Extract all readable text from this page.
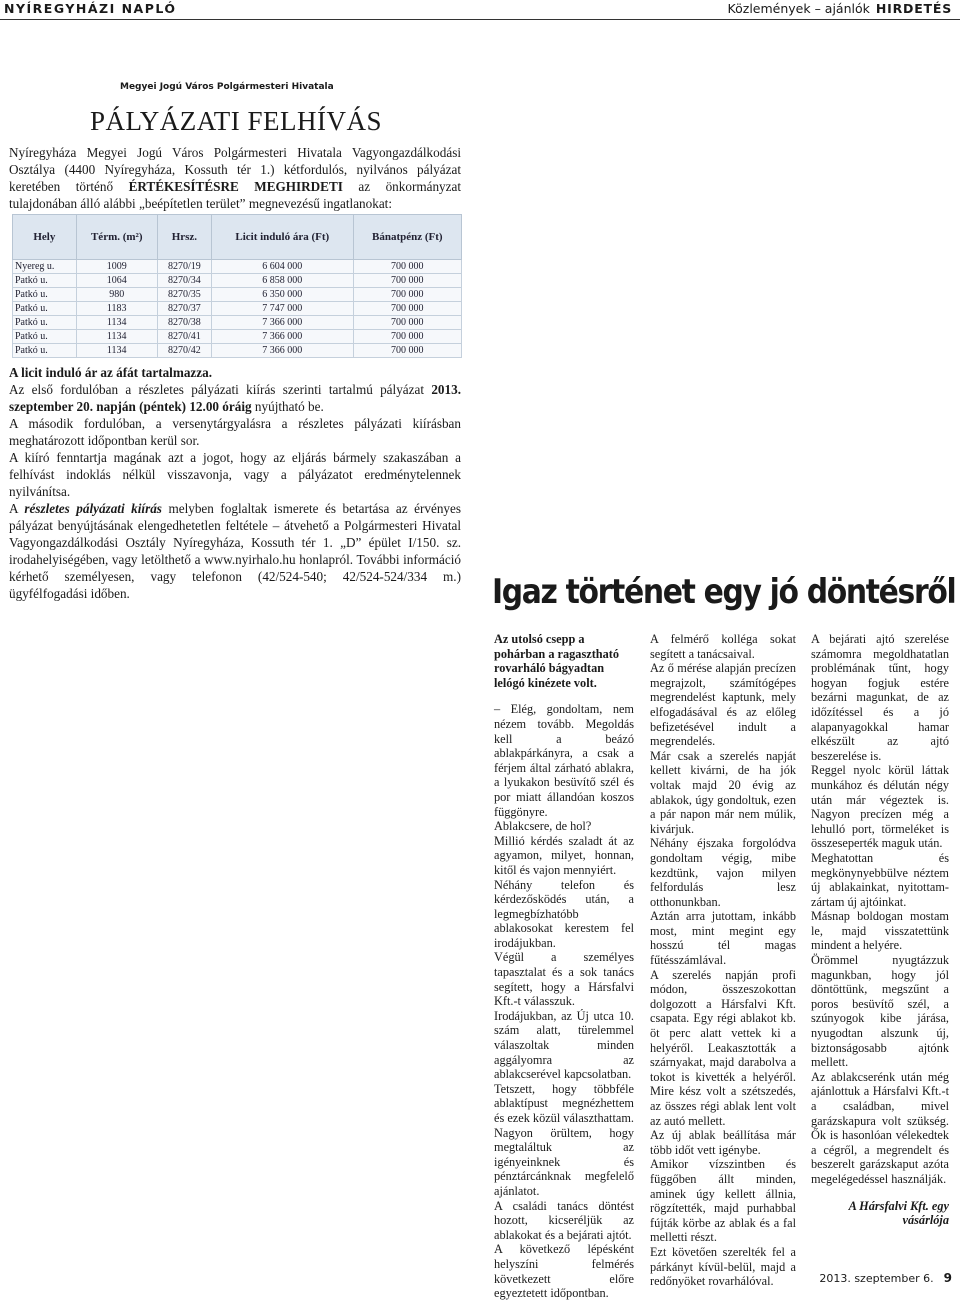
NYÍREGYHÁZI NAPLÓ	Közlemények – ajánlók HIRDETÉS
Megyei Jogú Város Polgármesteri Hivatala
PÁLYÁZATI FELHÍVÁS

Nyíregyháza Megyei Jogú Város Polgármesteri Hivatala Vagyongazdálkodási Osztálya (4400 Nyíregyháza, Kossuth tér 1.) kétfordulós, nyilvános pályázat keretében történő ÉRTÉKESÍTÉSRE MEGHIRDETI az önkormányzat tulajdonában álló alábbi „beépítetlen terület” megnevezésű ingatlanokat:

Hely	Térm. (m²)	Hrsz.	Licit induló ára (Ft)	Bánatpénz (Ft)
Nyereg u.	1009	8270/19	6 604 000	700 000
Patkó u.	1064	8270/34	6 858 000	700 000
Patkó u.	980	8270/35	6 350 000	700 000
Patkó u.	1183	8270/37	7 747 000	700 000
Patkó u.	1134	8270/38	7 366 000	700 000
Patkó u.	1134	8270/41	7 366 000	700 000
Patkó u.	1134	8270/42	7 366 000	700 000

A licit induló ár az áfát tartalmazza.

Az első fordulóban a részletes pályázati kiírás szerinti tartalmú pályázat 2013. szeptember 20. napján (péntek) 12.00 óráig nyújtható be.

A második fordulóban, a versenytárgyalásra a részletes pályázati kiírásban meghatározott időpontban kerül sor.

A kiíró fenntartja magának azt a jogot, hogy az eljárás bármely szakaszában a felhívást indoklás nélkül visszavonja, vagy a pályázatot eredménytelennek nyilvánítsa.

A részletes pályázati kiírás melyben foglaltak ismerete és betartása az érvényes pályázat benyújtásának elengedhetetlen feltétele – átvehető a Polgármesteri Hivatal Vagyongazdálkodási Osztály Nyíregyháza, Kossuth tér 1. „D” épület I/150. sz. irodahelyiségében, vagy letölthető a www.nyirhalo.hu honlapról. További információ kérhető személyesen, vagy telefonon (42/524-540; 42/524-524/334 m.) ügyfélfogadási időben.	Igaz történet egy jó döntésről

Az utolsó csepp a pohárban a ragasztható rovarháló bágyadtan lelógó kinézete volt.

– Elég, gondoltam, nem nézem tovább. Megoldás kell a beázó ablakpárkányra, a csak a férjem által zárható ablakra, a lyukakon besüvítő szél és por miatt állandóan koszos függönyre.

Ablakcsere, de hol?

Millió kérdés szaladt át az agyamon, milyet, honnan, kitől és vajon mennyiért.

Néhány telefon és kérdezősködés után, a legmegbízhatóbb ablakosokat kerestem fel irodájukban.

Végül a személyes tapasztalat és a sok tanács segített, hogy a Hársfalvi Kft.-t válasszuk.

Irodájukban, az Új utca 10. szám alatt, türelemmel válaszoltak minden aggályomra az ablakcserével kapcsolatban.

Tetszett, hogy többféle ablaktípust megnézhettem és ezek közül választhattam.

Nagyon örültem, hogy megtaláltuk az igényeinknek és pénztárcánknak megfelelő ajánlatot.

A családi tanács döntést hozott, kicseréljük az ablakokat és a bejárati ajtót.

A következő lépésként helyszíni felmérés következett előre egyeztetett időpontban.

A felmérő kolléga sokat segített a tanácsaival.

Az ő mérése alapján precízen megrajzolt, számítógépes megrendelést kaptunk, mely elfogadásával és az előleg befizetésével indult a megrendelés.

Már csak a szerelés napját kellett kivárni, de ha jók voltak majd 20 évig az ablakok, úgy gondoltuk, ezen a pár napon már nem múlik, kivárjuk.

Néhány éjszaka forgolódva gondoltam végig, mibe kezdtünk, vajon milyen felfordulás lesz otthonunkban.

Aztán arra jutottam, inkább most, mint megint egy hosszú tél magas fűtésszámlával.

A szerelés napján profi módon, összeszokottan dolgozott a Hársfalvi Kft. csapata. Egy régi ablakot kb. öt perc alatt vettek ki a helyéről. Leakasztották a szárnyakat, majd darabolva a tokot is kivették a helyéről. Mire kész volt a szétszedés, az összes régi ablak lent volt az autó mellett.

Az új ablak beállítása már több időt vett igénybe.

Amikor vízszintben és függőben állt minden, aminek úgy kellett állnia, rögzítették, majd purhabbal fújták körbe az ablak és a fal melletti részt.

Ezt követően szerelték fel a párkányt kívül-belül, majd a redőnyöket rovarhálóval.

A bejárati ajtó szerelése számomra megoldhatatlan problémának tűnt, hogy hogyan fogjuk estére bezárni magunkat, de az időzítéssel és a jó alapanyagokkal hamar elkészült az ajtó beszerelése is.

Reggel nyolc körül láttak munkához és délután négy után már végeztek is. Nagyon precízen még a lehulló port, törmeléket is összeseperték maguk után.

Meghatottan és megkönynyebbülve néztem új ablakainkat, nyitottam-zártam új ajtóinkat.

Másnap boldogan mostam le, majd visszatettünk mindent a helyére.

Örömmel nyugtázzuk magunkban, hogy jól döntöttünk, megszűnt a poros besüvítő szél, a szúnyogok kibe járása, nyugodtan alszunk új, biztonságosabb ajtónk mellett.

Az ablakcserénk után még ajánlottuk a Hársfalvi Kft.-t a családban, mivel garázskapura volt szükség. Ők is hasonlóan vélekedtek a cégről, a megrendelt és beszerelt garázskaput azóta megelégedéssel használják.

A Hársfalvi Kft. egy vásárlója

2013. szeptember 6. 9
